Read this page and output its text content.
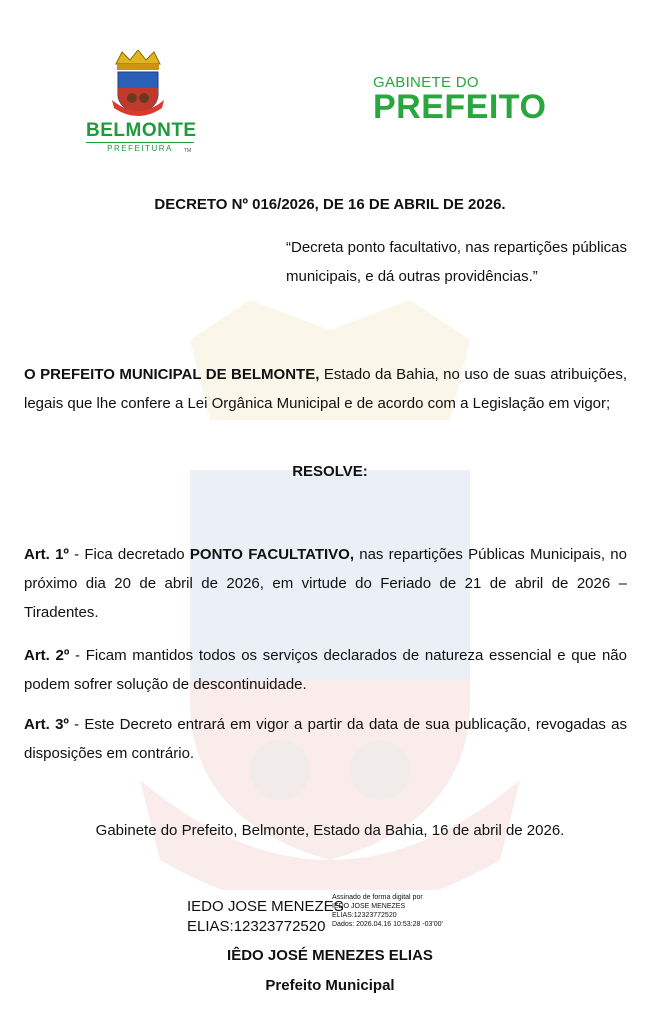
BELMONTE
PREFEITURA	TM
GABINETE DO
PREFEITO
DECRETO Nº 016/2026, DE 16 DE ABRIL DE 2026.
“Decreta ponto facultativo, nas repartições públicas municipais, e dá outras providências.”
O PREFEITO MUNICIPAL DE BELMONTE, Estado da Bahia, no uso de suas atribuições, legais que lhe confere a Lei Orgânica Municipal e de acordo com a Legislação em vigor;
RESOLVE:
Art. 1º - Fica decretado PONTO FACULTATIVO, nas repartições Públicas Municipais, no próximo dia 20 de abril de 2026, em virtude do Feriado de 21 de abril de 2026 – Tiradentes.
Art. 2º - Ficam mantidos todos os serviços declarados de natureza essencial e que não podem sofrer solução de descontinuidade.
Art. 3º - Este Decreto entrará em vigor a partir da data de sua publicação, revogadas as disposições em contrário.
Gabinete do Prefeito, Belmonte, Estado da Bahia, 16 de abril de 2026.
IEDO JOSE MENEZES
ELIAS:12323772520
Assinado de forma digital por
IEDO JOSE MENEZES
ELIAS:12323772520
Dados: 2026.04.16 10:53:28 -03'00'
IÊDO JOSÉ MENEZES ELIAS
Prefeito Municipal
